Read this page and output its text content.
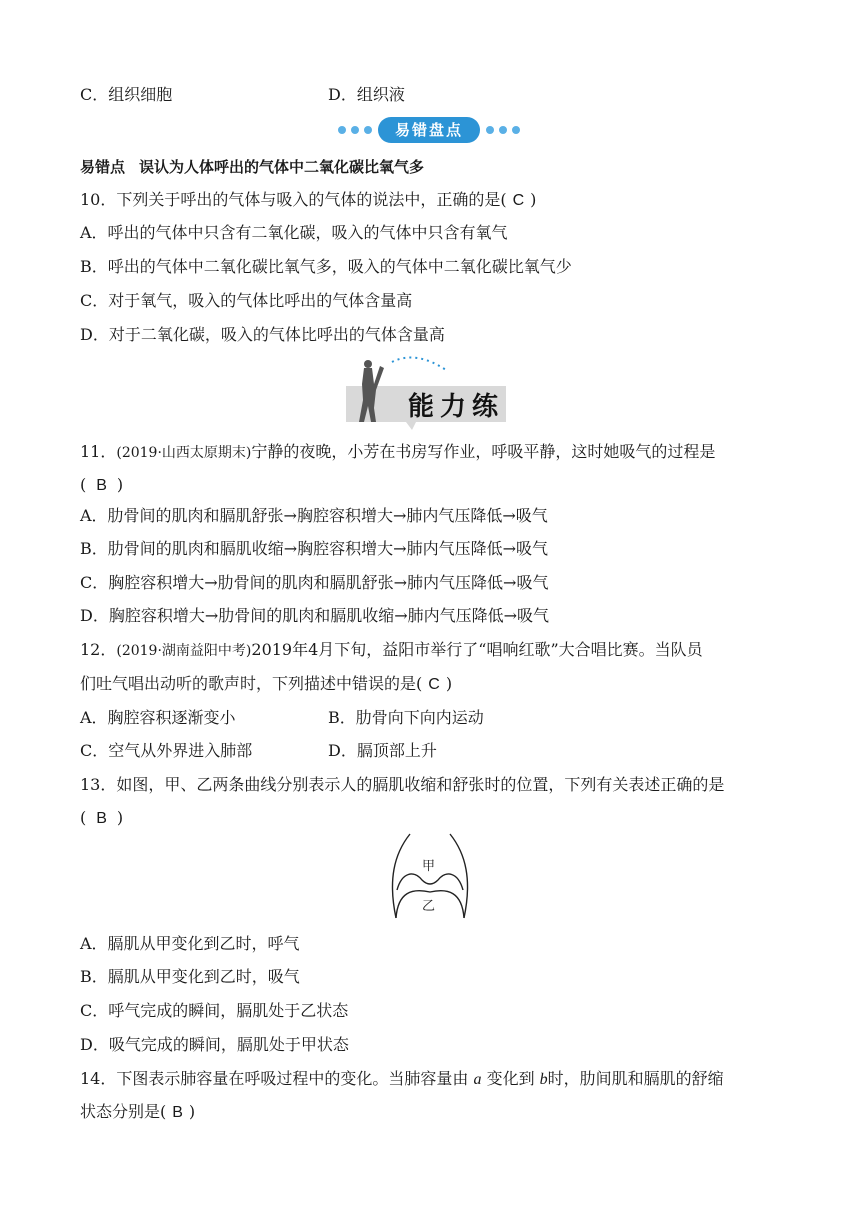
C．组织细胞	D．组织液
易错盘点
易错点 误认为人体呼出的气体中二氧化碳比氧气多
10．下列关于呼出的气体与吸入的气体的说法中，正确的是( C )
A．呼出的气体中只含有二氧化碳，吸入的气体中只含有氧气
B．呼出的气体中二氧化碳比氧气多，吸入的气体中二氧化碳比氧气少
C．对于氧气，吸入的气体比呼出的气体含量高
D．对于二氧化碳，吸入的气体比呼出的气体含量高
能力练
11．(2019·山西太原期末)宁静的夜晚，小芳在书房写作业，呼吸平静，这时她吸气的过程是
( B )
A．肋骨间的肌肉和膈肌舒张→胸腔容积增大→肺内气压降低→吸气
B．肋骨间的肌肉和膈肌收缩→胸腔容积增大→肺内气压降低→吸气
C．胸腔容积增大→肋骨间的肌肉和膈肌舒张→肺内气压降低→吸气
D．胸腔容积增大→肋骨间的肌肉和膈肌收缩→肺内气压降低→吸气
12．(2019·湖南益阳中考)2019年4月下旬，益阳市举行了“唱响红歌”大合唱比赛。当队员
们吐气唱出动听的歌声时，下列描述中错误的是( C )
A．胸腔容积逐渐变小	B．肋骨向下向内运动
C．空气从外界进入肺部	D．膈顶部上升
13．如图，甲、乙两条曲线分别表示人的膈肌收缩和舒张时的位置，下列有关表述正确的是
( B )
甲
乙
A．膈肌从甲变化到乙时，呼气
B．膈肌从甲变化到乙时，吸气
C．呼气完成的瞬间，膈肌处于乙状态
D．吸气完成的瞬间，膈肌处于甲状态
14．下图表示肺容量在呼吸过程中的变化。当肺容量由 a 变化到 b时，肋间肌和膈肌的舒缩
状态分别是( B )
